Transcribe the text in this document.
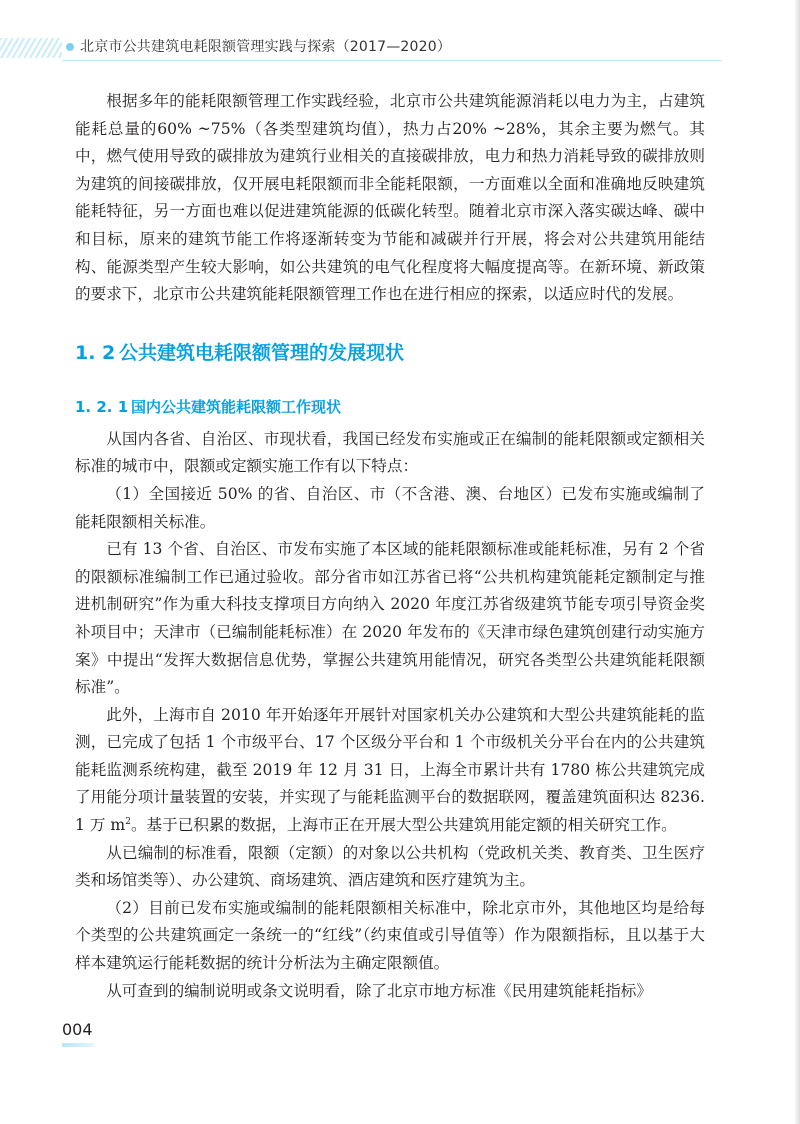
北京市公共建筑电耗限额管理实践与探索（2017—2020）

根据多年的能耗限额管理工作实践经验，北京市公共建筑能源消耗以电力为主，占建筑能耗总量的60% ~75%（各类型建筑均值），热力占20% ~28%，其余主要为燃气。其中，燃气使用导致的碳排放为建筑行业相关的直接碳排放，电力和热力消耗导致的碳排放则为建筑的间接碳排放，仅开展电耗限额而非全能耗限额，一方面难以全面和准确地反映建筑能耗特征，另一方面也难以促进建筑能源的低碳化转型。随着北京市深入落实碳达峰、碳中和目标，原来的建筑节能工作将逐渐转变为节能和减碳并行开展，将会对公共建筑用能结构、能源类型产生较大影响，如公共建筑的电气化程度将大幅度提高等。在新环境、新政策的要求下，北京市公共建筑能耗限额管理工作也在进行相应的探索，以适应时代的发展。

1. 2 公共建筑电耗限额管理的发展现状
1. 2. 1 国内公共建筑能耗限额工作现状

从国内各省、自治区、市现状看，我国已经发布实施或正在编制的能耗限额或定额相关标准的城市中，限额或定额实施工作有以下特点：

（1）全国接近 50% 的省、自治区、市（不含港、澳、台地区）已发布实施或编制了能耗限额相关标准。

已有 13 个省、自治区、市发布实施了本区域的能耗限额标准或能耗标准，另有 2 个省的限额标准编制工作已通过验收。部分省市如江苏省已将“公共机构建筑能耗定额制定与推进机制研究”作为重大科技支撑项目方向纳入 2020 年度江苏省级建筑节能专项引导资金奖补项目中；天津市（已编制能耗标准）在 2020 年发布的《天津市绿色建筑创建行动实施方案》中提出“发挥大数据信息优势，掌握公共建筑用能情况，研究各类型公共建筑能耗限额标准”。

此外，上海市自 2010 年开始逐年开展针对国家机关办公建筑和大型公共建筑能耗的监测，已完成了包括 1 个市级平台、17 个区级分平台和 1 个市级机关分平台在内的公共建筑能耗监测系统构建，截至 2019 年 12 月 31 日，上海全市累计共有 1780 栋公共建筑完成了用能分项计量装置的安装，并实现了与能耗监测平台的数据联网，覆盖建筑面积达 8236. 1 万 $m^2$。基于已积累的数据，上海市正在开展大型公共建筑用能定额的相关研究工作。

从已编制的标准看，限额（定额）的对象以公共机构（党政机关类、教育类、卫生医疗类和场馆类等）、办公建筑、商场建筑、酒店建筑和医疗建筑为主。

（2）目前已发布实施或编制的能耗限额相关标准中，除北京市外，其他地区均是给每个类型的公共建筑画定一条统一的“红线”（约束值或引导值等）作为限额指标，且以基于大样本建筑运行能耗数据的统计分析法为主确定限额值。

从可查到的编制说明或条文说明看，除了北京市地方标准《民用建筑能耗指标》

004
